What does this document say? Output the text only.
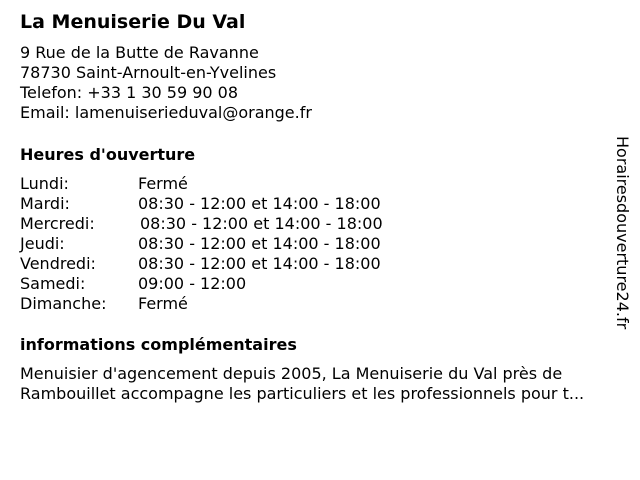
La Menuiserie Du Val
9 Rue de la Butte de Ravanne
78730 Saint-Arnoult-en-Yvelines
Telefon: +33 1 30 59 90 08
Email: lamenuiserieduval@orange.fr
Heures d'ouverture
Lundi:	Fermé
Mardi:	08:30 - 12:00 et 14:00 - 18:00
Mercredi:	08:30 - 12:00 et 14:00 - 18:00
Jeudi:	08:30 - 12:00 et 14:00 - 18:00
Vendredi:	08:30 - 12:00 et 14:00 - 18:00
Samedi:	09:00 - 12:00
Dimanche:	Fermé
informations complémentaires
Menuisier d'agencement depuis 2005, La Menuiserie du Val près de
Rambouillet accompagne les particuliers et les professionnels pour t...
Horairesdouverture24.fr
